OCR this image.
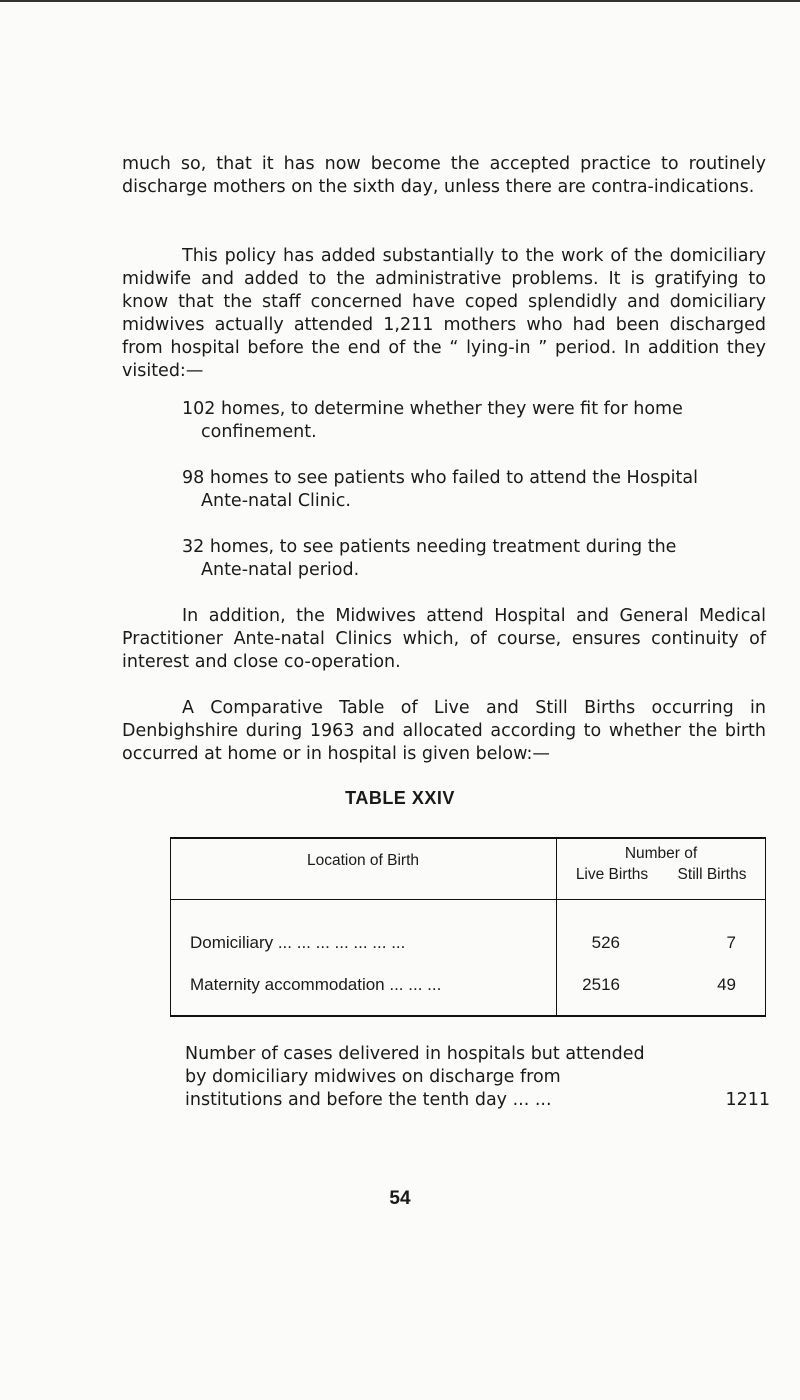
much so, that it has now become the accepted practice to routinely discharge mothers on the sixth day, unless there are contra-indications.

This policy has added substantially to the work of the domiciliary midwife and added to the administrative problems. It is gratifying to know that the staff concerned have coped splendidly and domiciliary midwives actually attended 1,211 mothers who had been discharged from hospital before the end of the “ lying-in ” period. In addition they visited:—

102 homes, to determine whether they were fit for home
confinement.

98 homes to see patients who failed to attend the Hospital
Ante-natal Clinic.

32 homes, to see patients needing treatment during the
Ante-natal period.

In addition, the Midwives attend Hospital and General Medical Practitioner Ante-natal Clinics which, of course, ensures continuity of interest and close co-operation.

A Comparative Table of Live and Still Births occurring in Denbighshire during 1963 and allocated according to whether the birth occurred at home or in hospital is given below:—

TABLE XXIV

Location of Birth	Number of
Live Births	Still Births
Domiciliary ... ... ... ... ... ... ...	526	7
Maternity accommodation ... ... ...	2516	49
Number of cases delivered in hospitals but attended
by domiciliary midwives on discharge from
institutions and before the tenth day ... ...	1211
54
